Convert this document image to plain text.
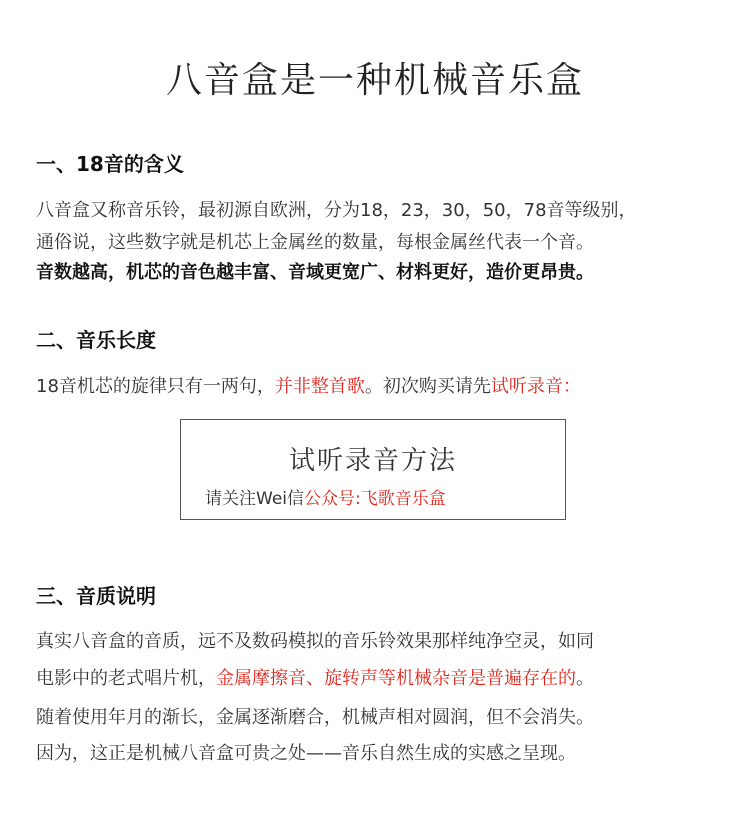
八音盒是一种机械音乐盒
一、18音的含义
八音盒又称音乐铃，最初源自欧洲，分为18，23，30，50，78音等级别，
通俗说，这些数字就是机芯上金属丝的数量，每根金属丝代表一个音。
音数越高，机芯的音色越丰富、音域更宽广、材料更好，造价更昂贵。
二、音乐长度
18音机芯的旋律只有一两句，并非整首歌。初次购买请先试听录音：
试听录音方法
请关注Wei信公众号:飞歌音乐盒
三、音质说明
真实八音盒的音质，远不及数码模拟的音乐铃效果那样纯净空灵，如同
电影中的老式唱片机，金属摩擦音、旋转声等机械杂音是普遍存在的。
随着使用年月的渐长，金属逐渐磨合，机械声相对圆润，但不会消失。
因为，这正是机械八音盒可贵之处——音乐自然生成的实感之呈现。
